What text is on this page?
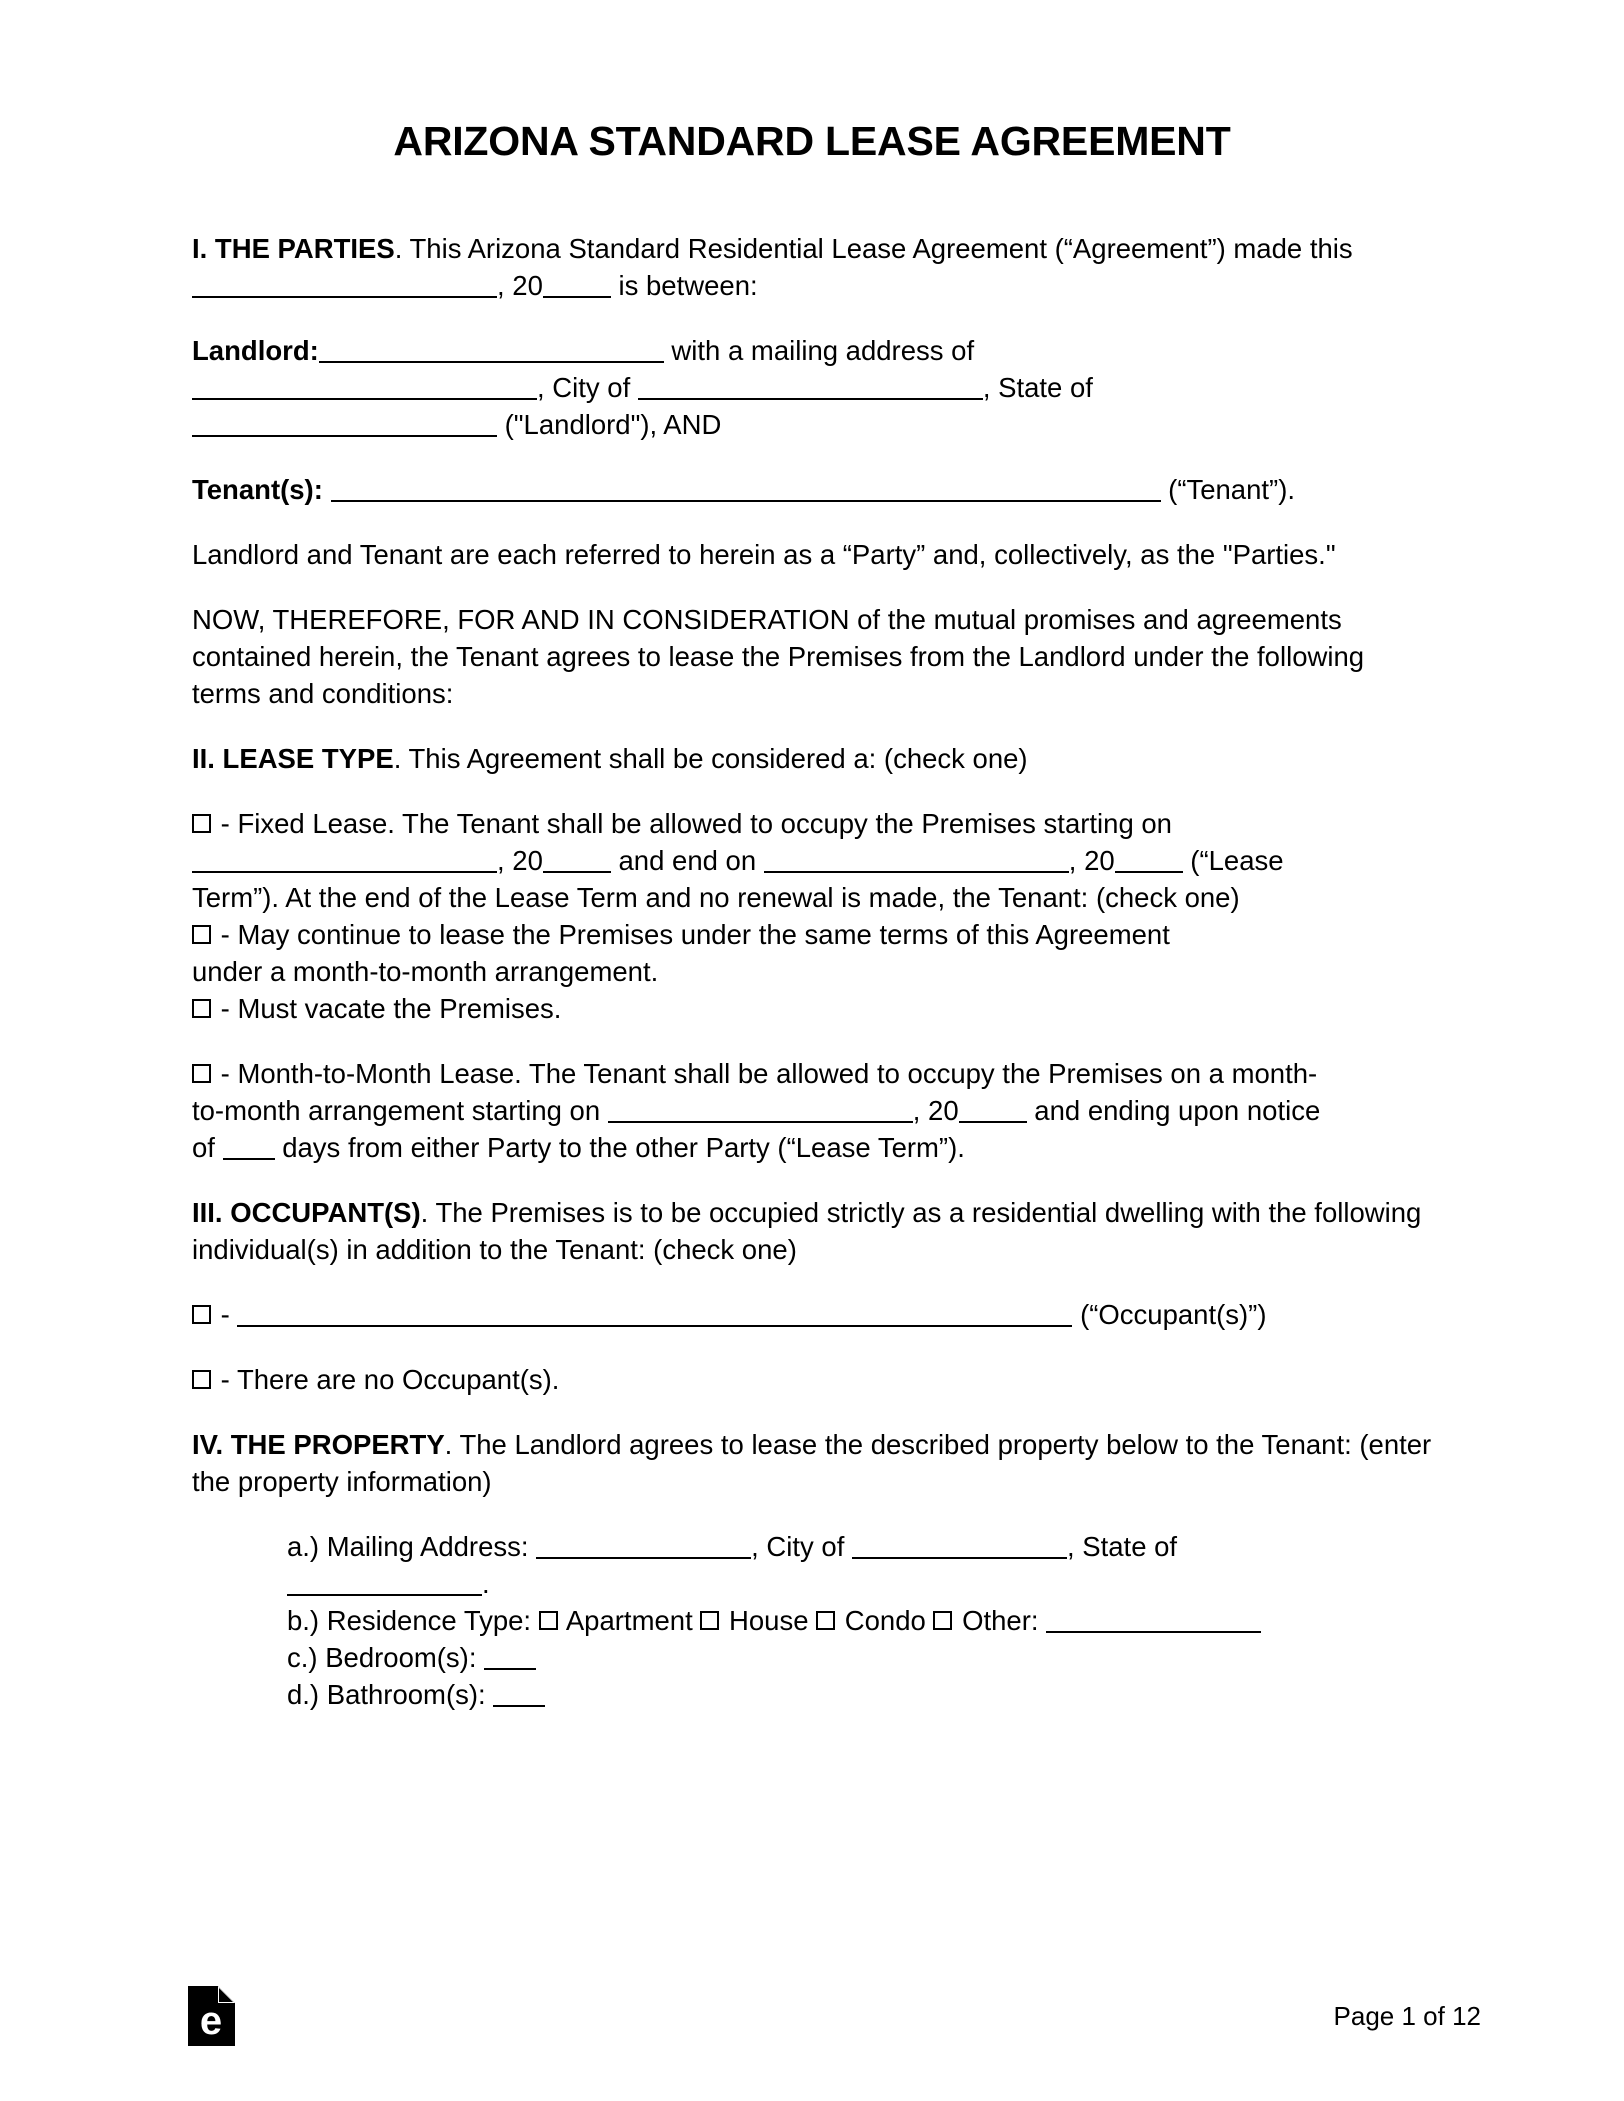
ARIZONA STANDARD LEASE AGREEMENT

I. THE PARTIES. This Arizona Standard Residential Lease Agreement (“Agreement”) made this , 20 is between:

Landlord:	with a mailing address of
, City of	, State of
("Landlord"), AND

Tenant(s):	(“Tenant”).

Landlord and Tenant are each referred to herein as a “Party” and, collectively, as the "Parties."

NOW, THEREFORE, FOR AND IN CONSIDERATION of the mutual promises and agreements contained herein, the Tenant agrees to lease the Premises from the Landlord under the following terms and conditions:

II. LEASE TYPE. This Agreement shall be considered a: (check one)

- Fixed Lease. The Tenant shall be allowed to occupy the Premises starting on , 20 and end on	, 20 (“Lease Term”). At the end of the Lease Term and no renewal is made, the Tenant: (check one)

- May continue to lease the Premises under the same terms of this Agreement under a month-to-month arrangement.

- Must vacate the Premises.

- Month-to-Month Lease. The Tenant shall be allowed to occupy the Premises on a month-to-month arrangement starting on	, 20 and ending upon notice of  days from either Party to the other Party (“Lease Term”).

III. OCCUPANT(S). The Premises is to be occupied strictly as a residential dwelling with the following individual(s) in addition to the Tenant: (check one)

-	(“Occupant(s)”)

- There are no Occupant(s).

IV. THE PROPERTY. The Landlord agrees to lease the described property below to the Tenant: (enter the property information)

a.) Mailing Address:	, City of	, State of
.

b.) Residence Type:  Apartment  House  Condo  Other:

c.) Bedroom(s):

d.) Bathroom(s):

e	Page 1 of 12
